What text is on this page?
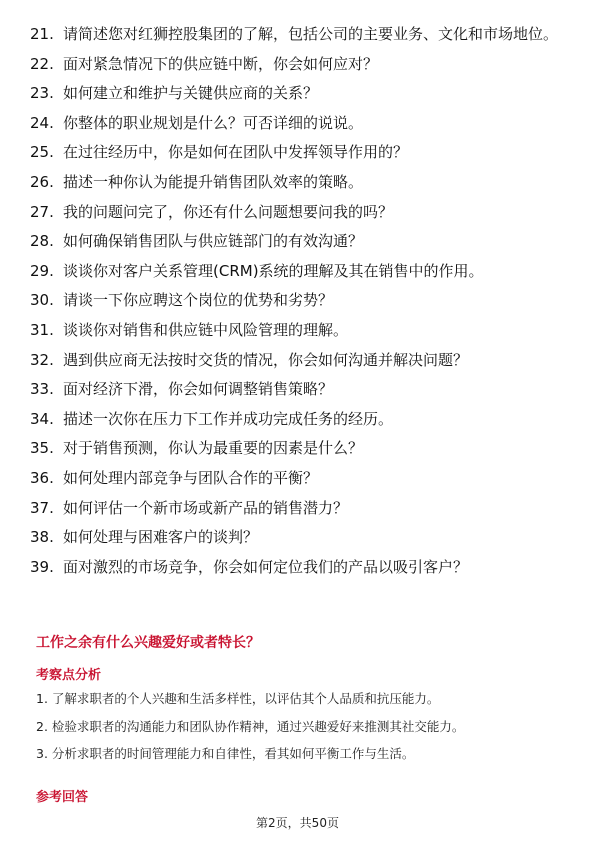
21. 请简述您对红狮控股集团的了解，包括公司的主要业务、文化和市场地位。
22. 面对紧急情况下的供应链中断，你会如何应对？
23. 如何建立和维护与关键供应商的关系？
24. 你整体的职业规划是什么？可否详细的说说。
25. 在过往经历中，你是如何在团队中发挥领导作用的？
26. 描述一种你认为能提升销售团队效率的策略。
27. 我的问题问完了，你还有什么问题想要问我的吗？
28. 如何确保销售团队与供应链部门的有效沟通？
29. 谈谈你对客户关系管理(CRM)系统的理解及其在销售中的作用。
30. 请谈一下你应聘这个岗位的优势和劣势？
31. 谈谈你对销售和供应链中风险管理的理解。
32. 遇到供应商无法按时交货的情况，你会如何沟通并解决问题？
33. 面对经济下滑，你会如何调整销售策略？
34. 描述一次你在压力下工作并成功完成任务的经历。
35. 对于销售预测，你认为最重要的因素是什么？
36. 如何处理内部竞争与团队合作的平衡？
37. 如何评估一个新市场或新产品的销售潜力？
38. 如何处理与困难客户的谈判？
39. 面对激烈的市场竞争，你会如何定位我们的产品以吸引客户？
工作之余有什么兴趣爱好或者特长？
考察点分析
1. 了解求职者的个人兴趣和生活多样性，以评估其个人品质和抗压能力。
2. 检验求职者的沟通能力和团队协作精神，通过兴趣爱好来推测其社交能力。
3. 分析求职者的时间管理能力和自律性，看其如何平衡工作与生活。
参考回答
第2页，共50页
